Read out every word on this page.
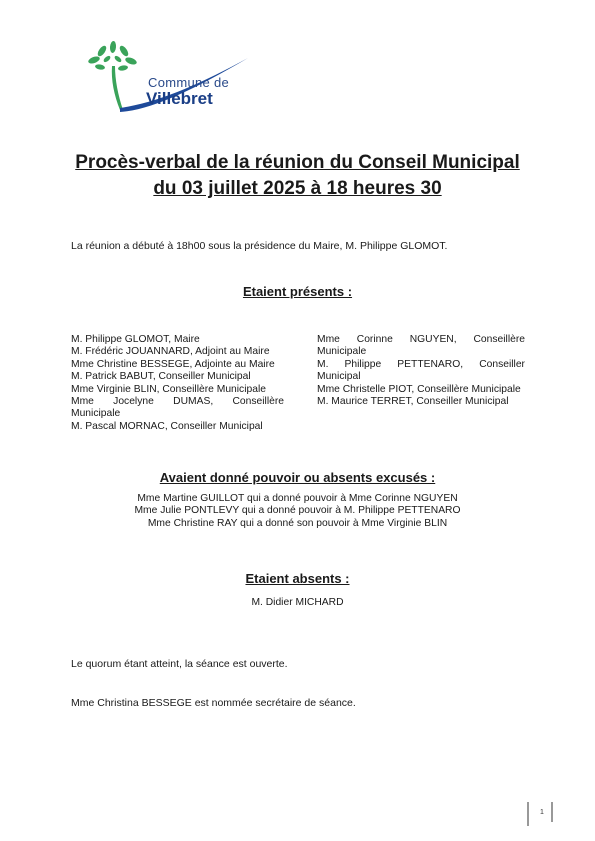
Commune de
Villebret
Procès-verbal de la réunion du Conseil Municipal
du 03 juillet 2025 à 18 heures 30
La réunion a débuté à 18h00 sous la présidence du Maire, M. Philippe GLOMOT.
Etaient présents :
M. Philippe GLOMOT, Maire
M. Frédéric JOUANNARD, Adjoint au Maire
Mme Christine BESSEGE, Adjointe au Maire
M. Patrick BABUT, Conseiller Municipal
Mme Virginie BLIN, Conseillère Municipale
Mme Jocelyne DUMAS, Conseillère Municipale
M. Pascal MORNAC, Conseiller Municipal
Mme Corinne NGUYEN, Conseillère Municipale
M. Philippe PETTENARO, Conseiller Municipal
Mme Christelle PIOT, Conseillère Municipale
M. Maurice TERRET, Conseiller Municipal
Avaient donné pouvoir ou absents excusés :
Mme Martine GUILLOT qui a donné pouvoir à Mme Corinne NGUYEN
Mme Julie PONTLEVY qui a donné pouvoir à M. Philippe PETTENARO
Mme Christine RAY qui a donné son pouvoir à Mme Virginie BLIN
Etaient absents :
M. Didier MICHARD
Le quorum étant atteint, la séance est ouverte.
Mme Christina BESSEGE est nommée secrétaire de séance.
1
